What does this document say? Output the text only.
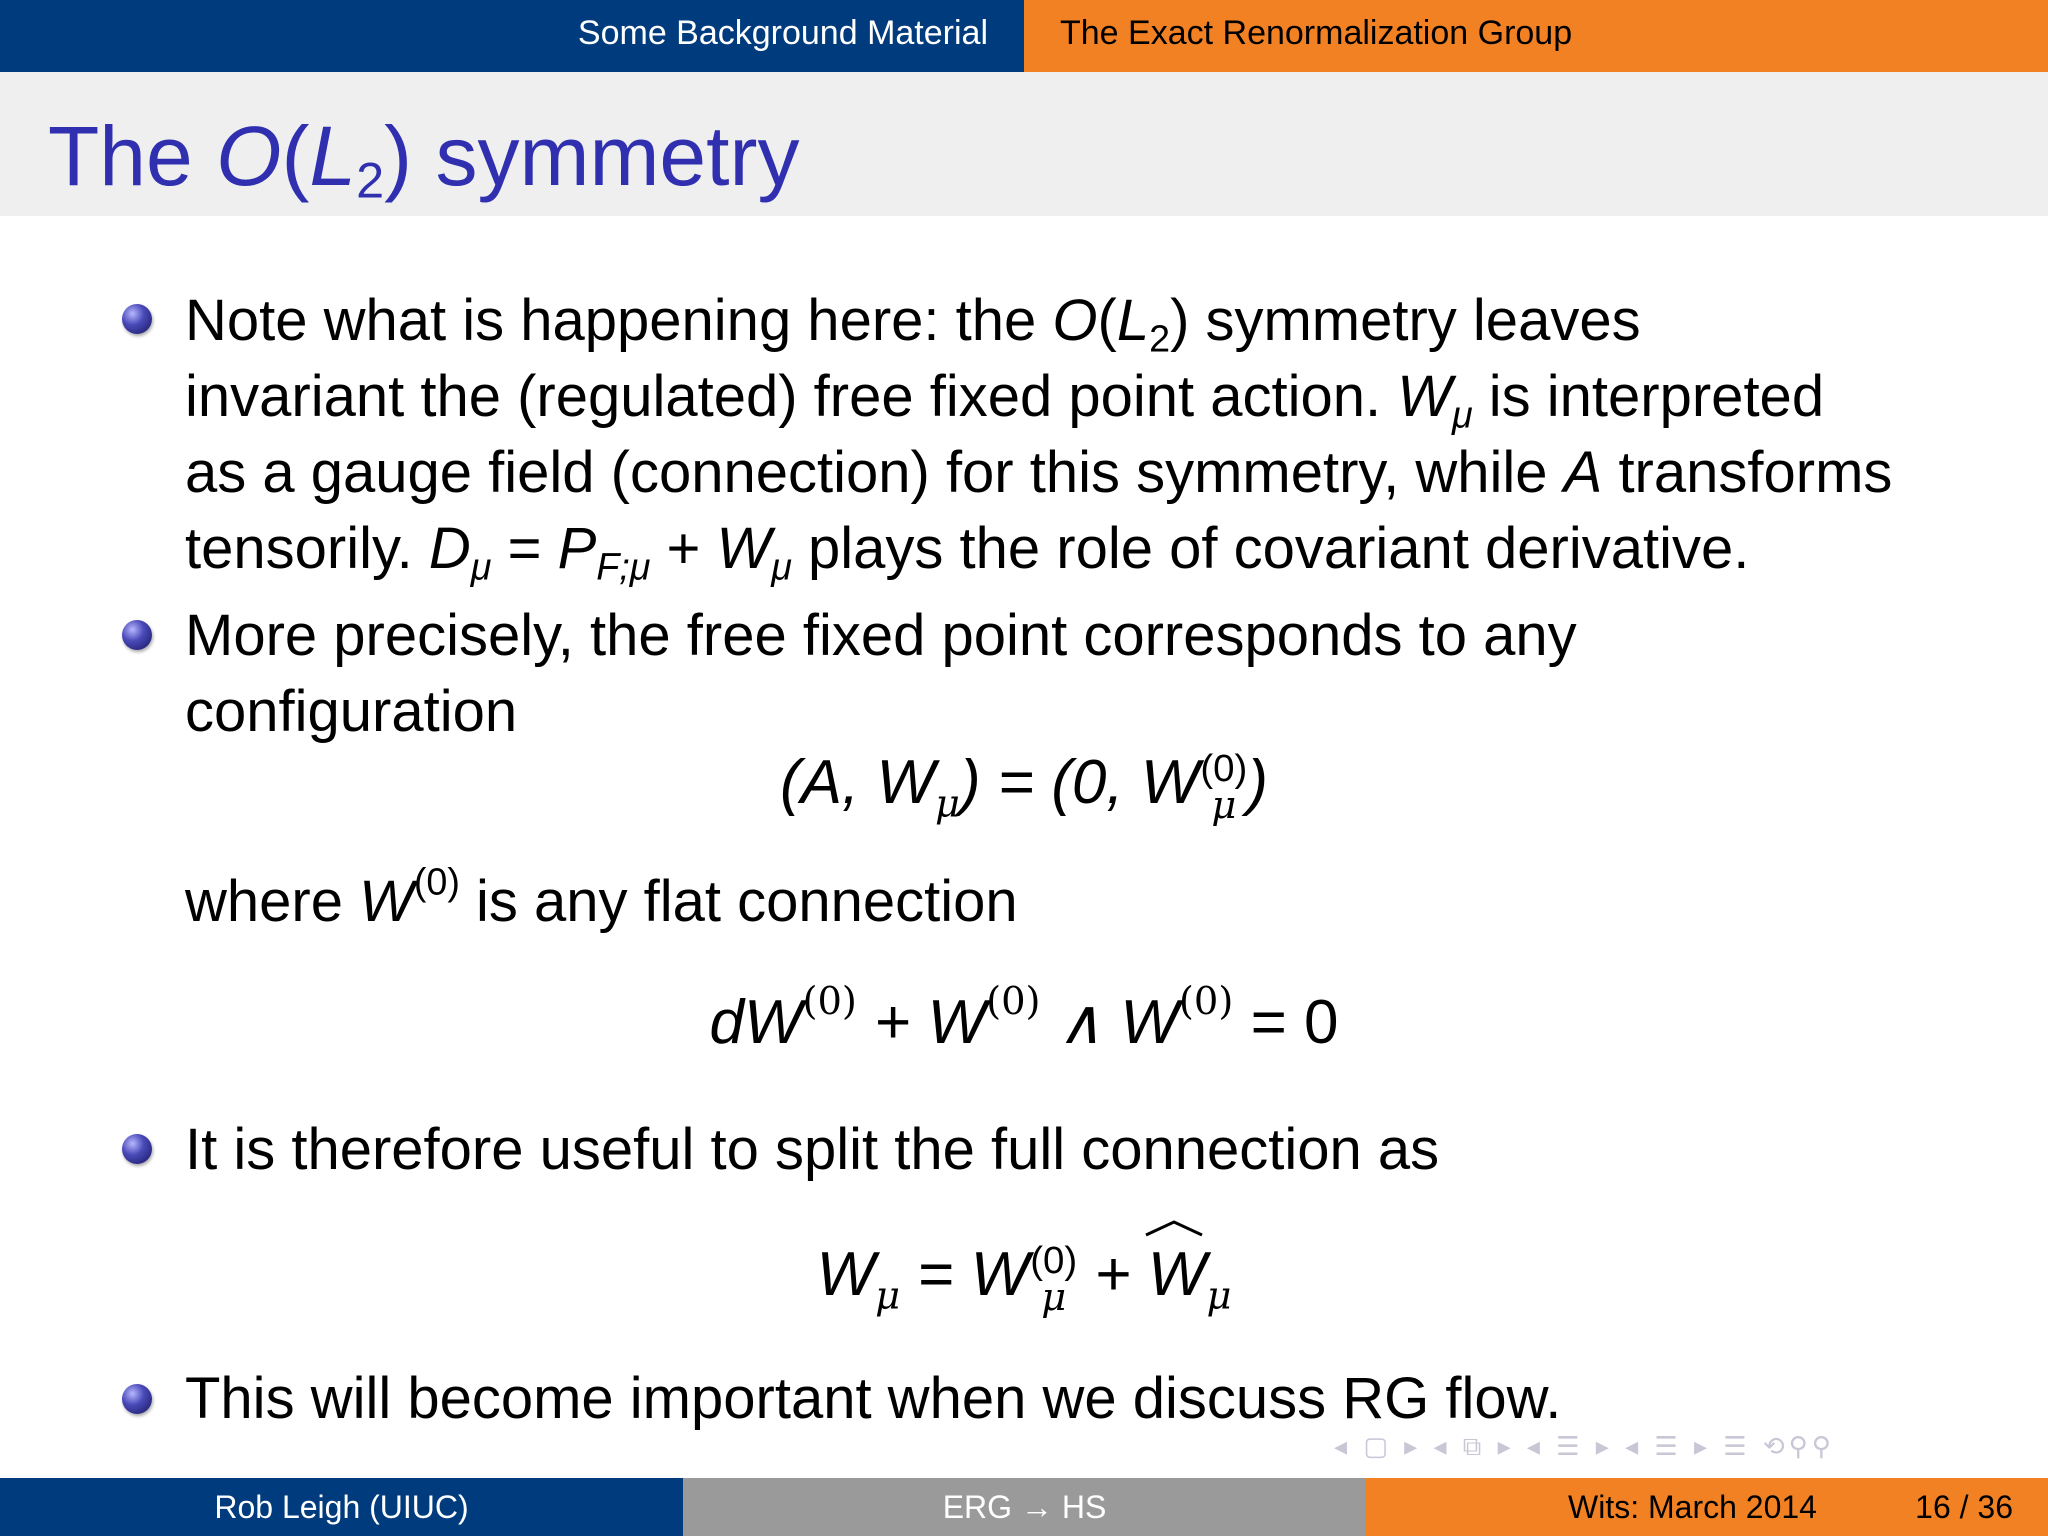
Some Background Material The Exact Renormalization Group
The $O(L_2)$ symmetry
Note what is happening here: the $O(L_2)$ symmetry leaves
invariant the (regulated) free fixed point action. $W_\mu$ is interpreted
as a gauge field (connection) for this symmetry, while A transforms
tensorily. $D_\mu = P_{F;\mu} + W_\mu$ plays the role of covariant derivative.
More precisely, the free fixed point corresponds to any
configuration
(A, $W_\mu) = (0$, W (0)
μ )
where $W^{(0)}$ is any flat connection
$dW^{(0)} + W^{(0)}$ ∧ $W^{(0)} = 0$
It is therefore useful to split the full connection as
$W_\mu = W$ (0)
μ +
$W_\mu$
This will become important when we discuss RG flow.
◂ ▢ ▸ ◂ ⧉ ▸ ◂ ☰ ▸ ◂ ☰ ▸ ☰ ⟲⚲⚲
Rob Leigh (UIUC)	ERG → HS	Wits: March 2014	16 / 36
